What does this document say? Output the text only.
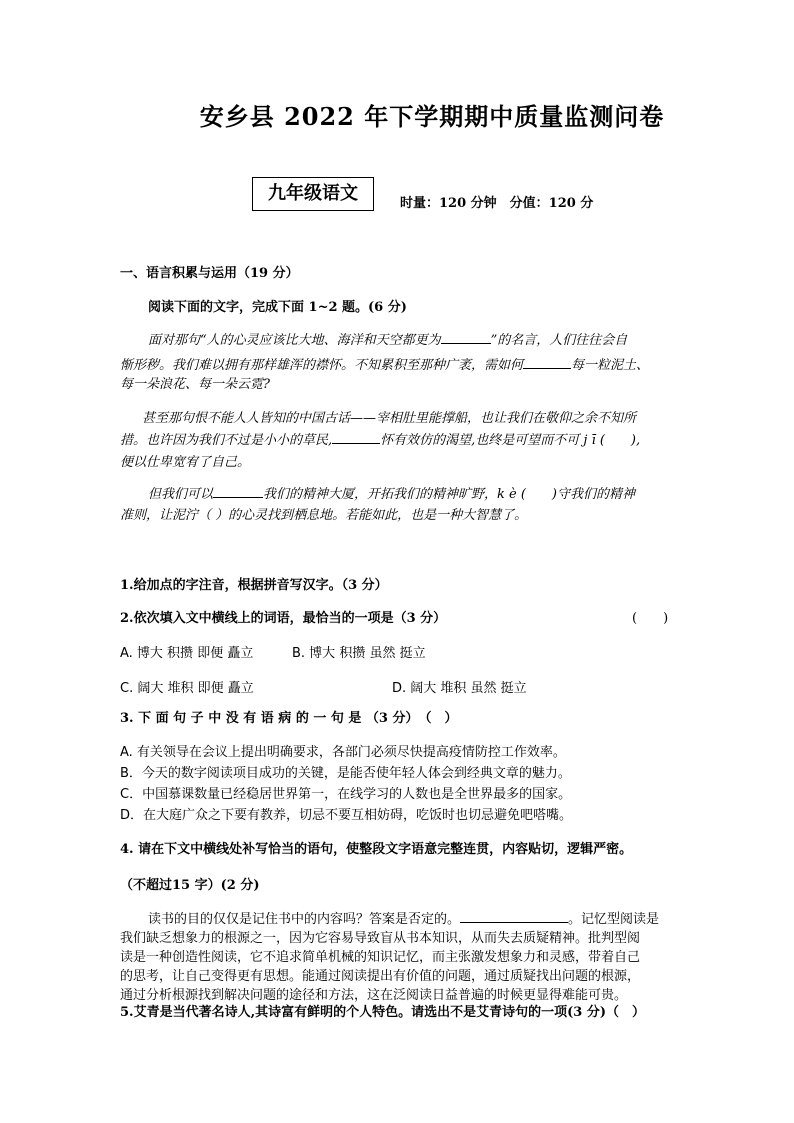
安乡县 2022 年下学期期中质量监测问卷
九年级语文	时量：120 分钟　分值：120 分
一、语言积累与运用（19 分）
阅读下面的文字，完成下面 1~2 题。(6 分)
面对那句“人的心灵应该比大地、海洋和天空都更为	”的名言，人们往往会自
惭形秽。我们难以拥有那样雄浑的襟怀。不知累积至那种广袤，需如何	每一粒泥土、
每一朵浪花、每一朵云霓?
甚至那句恨不能人人皆知的中国古话——宰相肚里能撑船，也让我们在敬仰之余不知所
措。也许因为我们不过是小小的草民,	怀有效仿的渴望,也终是可望而不可 j ī (　　),
便以仕卑宽宥了自己。
但我们可以	我们的精神大厦，开拓我们的精神旷野，k è (　　)守我们的精神
准则，让泥泞（ ）的心灵找到栖息地。若能如此，也是一种大智慧了。
1.给加点的字注音，根据拼音写汉字。（3 分）
2.依次填入文中横线上的词语，最恰当的一项是（3 分）	(　　)
A. 博大 积攒 即便 矗立	B. 博大 积攒 虽然 挺立
C. 阔大 堆积 即便 矗立	D. 阔大 堆积 虽然 挺立
3. 下 面 句 子 中 没 有 语 病 的 一 句 是 （3 分）　（　）
A. 有关领导在会议上提出明确要求，各部门必须尽快提高疫情防控工作效率。
B．今天的数字阅读项目成功的关键，是能否使年轻人体会到经典文章的魅力。
C．中国慕课数量已经稳居世界第一，在线学习的人数也是全世界最多的国家。
D．在大庭广众之下要有教养，切忌不要互相妨碍，吃饭时也切忌避免吧嗒嘴。
4. 请在下文中横线处补写恰当的语句，使整段文字语意完整连贯，内容贴切，逻辑严密。
（不超过15 字）(2 分)
读书的目的仅仅是记住书中的内容吗？答案是否定的。	。记忆型阅读是
我们缺乏想象力的根源之一，因为它容易导致盲从书本知识，从而失去质疑精神。批判型阅
读是一种创造性阅读，它不追求简单机械的知识记忆，而主张激发想象力和灵感，带着自己
的思考，让自己变得更有思想。能通过阅读提出有价值的问题，通过质疑找出问题的根源，
通过分析根源找到解决问题的途径和方法，这在泛阅读日益普遍的时候更显得难能可贵。
5.艾青是当代著名诗人,其诗富有鲜明的个人特色。请选出不是艾青诗句的一项(3 分)（　）
